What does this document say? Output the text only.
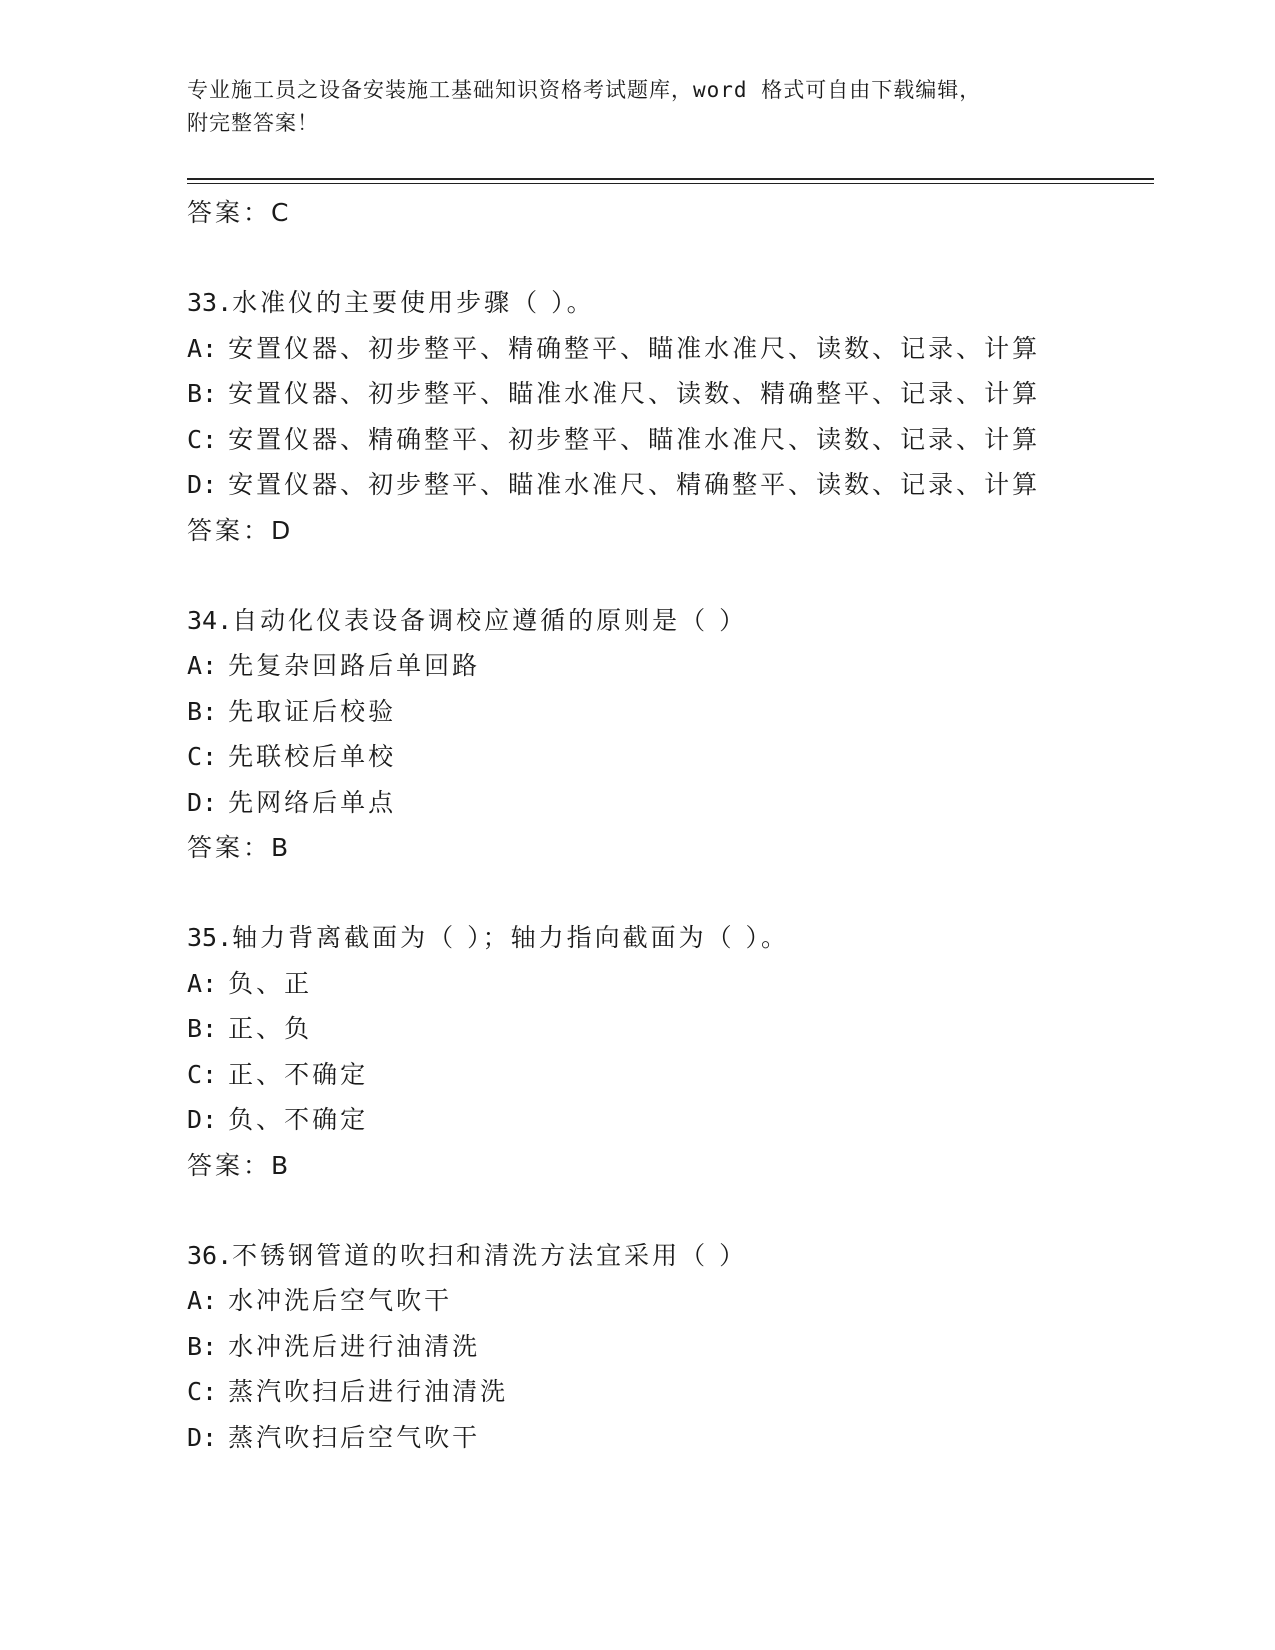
专业施工员之设备安装施工基础知识资格考试题库，word 格式可自由下载编辑，
附完整答案！
答案：C
33.水准仪的主要使用步骤（ ）。
A: 安置仪器、初步整平、精确整平、瞄准水准尺、读数、记录、计算
B: 安置仪器、初步整平、瞄准水准尺、读数、精确整平、记录、计算
C: 安置仪器、精确整平、初步整平、瞄准水准尺、读数、记录、计算
D: 安置仪器、初步整平、瞄准水准尺、精确整平、读数、记录、计算
答案：D
34.自动化仪表设备调校应遵循的原则是（ ）
A: 先复杂回路后单回路
B: 先取证后校验
C: 先联校后单校
D: 先网络后单点
答案：B
35.轴力背离截面为（ ）；轴力指向截面为（ ）。
A: 负、正
B: 正、负
C: 正、不确定
D: 负、不确定
答案：B
36.不锈钢管道的吹扫和清洗方法宜采用（ ）
A: 水冲洗后空气吹干
B: 水冲洗后进行油清洗
C: 蒸汽吹扫后进行油清洗
D: 蒸汽吹扫后空气吹干
